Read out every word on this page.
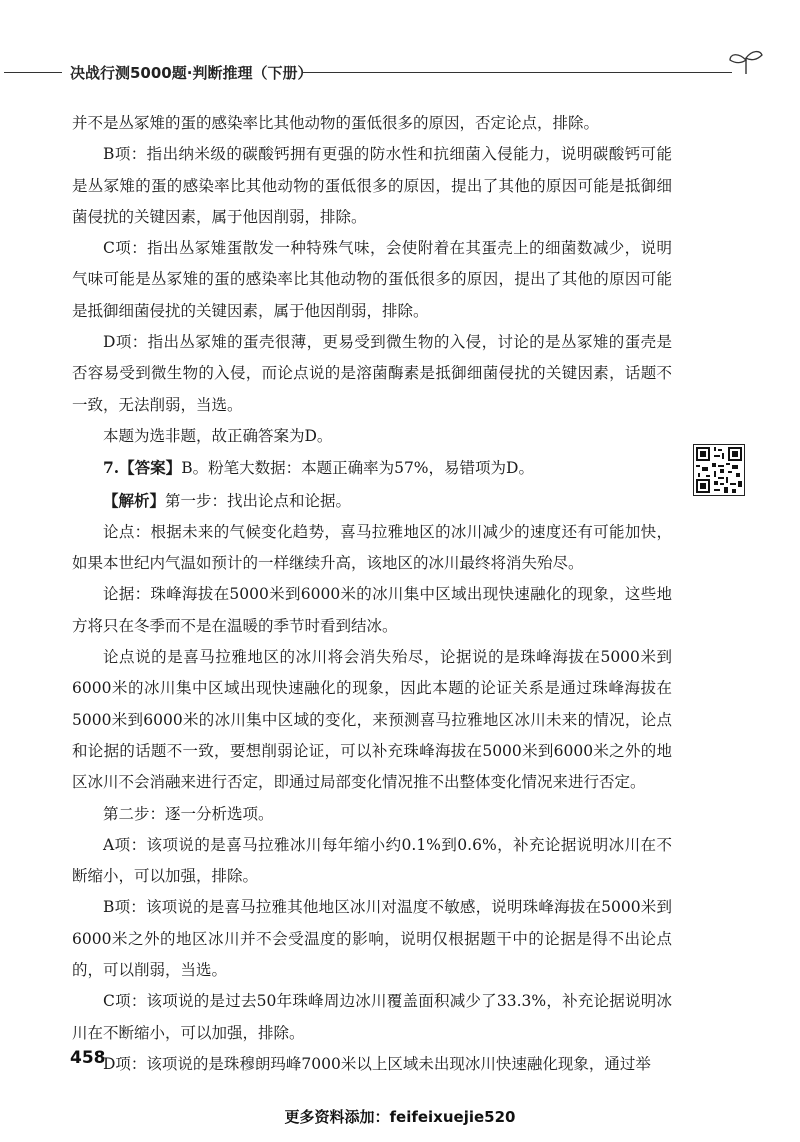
决战行测5000题·判断推理（下册）

并不是丛冢雉的蛋的感染率比其他动物的蛋低很多的原因，否定论点，排除。

B项：指出纳米级的碳酸钙拥有更强的防水性和抗细菌入侵能力，说明碳酸钙可能是丛冢雉的蛋的感染率比其他动物的蛋低很多的原因，提出了其他的原因可能是抵御细菌侵扰的关键因素，属于他因削弱，排除。

C项：指出丛冢雉蛋散发一种特殊气味，会使附着在其蛋壳上的细菌数减少，说明气味可能是丛冢雉的蛋的感染率比其他动物的蛋低很多的原因，提出了其他的原因可能是抵御细菌侵扰的关键因素，属于他因削弱，排除。

D项：指出丛冢雉的蛋壳很薄，更易受到微生物的入侵，讨论的是丛冢雉的蛋壳是否容易受到微生物的入侵，而论点说的是溶菌酶素是抵御细菌侵扰的关键因素，话题不一致，无法削弱，当选。

本题为选非题，故正确答案为D。

7.【答案】B。粉笔大数据：本题正确率为57%，易错项为D。

【解析】第一步：找出论点和论据。

论点：根据未来的气候变化趋势，喜马拉雅地区的冰川减少的速度还有可能加快，如果本世纪内气温如预计的一样继续升高，该地区的冰川最终将消失殆尽。

论据：珠峰海拔在5000米到6000米的冰川集中区域出现快速融化的现象，这些地方将只在冬季而不是在温暖的季节时看到结冰。

论点说的是喜马拉雅地区的冰川将会消失殆尽，论据说的是珠峰海拔在5000米到6000米的冰川集中区域出现快速融化的现象，因此本题的论证关系是通过珠峰海拔在5000米到6000米的冰川集中区域的变化，来预测喜马拉雅地区冰川未来的情况，论点和论据的话题不一致，要想削弱论证，可以补充珠峰海拔在5000米到6000米之外的地区冰川不会消融来进行否定，即通过局部变化情况推不出整体变化情况来进行否定。

第二步：逐一分析选项。

A项：该项说的是喜马拉雅冰川每年缩小约0.1%到0.6%，补充论据说明冰川在不断缩小，可以加强，排除。

B项：该项说的是喜马拉雅其他地区冰川对温度不敏感，说明珠峰海拔在5000米到6000米之外的地区冰川并不会受温度的影响，说明仅根据题干中的论据是得不出论点的，可以削弱，当选。

C项：该项说的是过去50年珠峰周边冰川覆盖面积减少了33.3%，补充论据说明冰川在不断缩小，可以加强，排除。

D项：该项说的是珠穆朗玛峰7000米以上区域未出现冰川快速融化现象，通过举

458
更多资料添加：feifeixuejie520
